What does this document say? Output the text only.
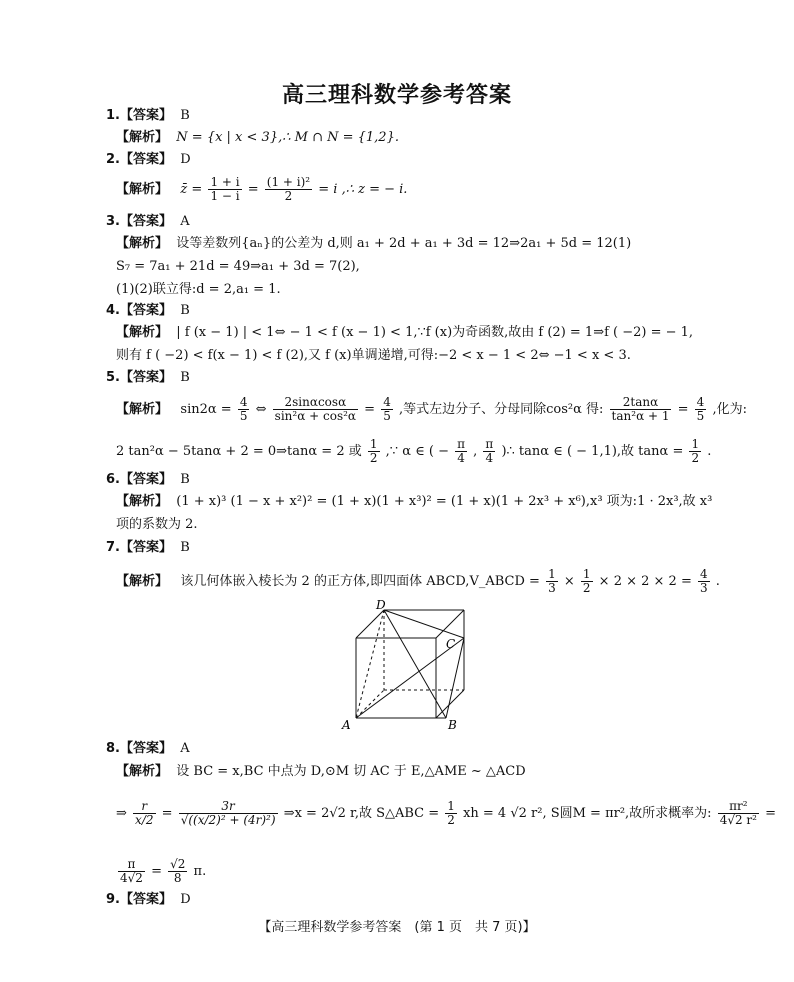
高三理科数学参考答案
1.【答案】 B
【解析】 N = {x | x < 3},∴ M ∩ N = {1,2}.
2.【答案】 D
【解析】 z̄ = $\frac{1 + i}{1 - i} = \frac{\text{(1 + i)²}}{2} = i$ ,∴ z = − i.
3.【答案】 A
【解析】 设等差数列{aₙ}的公差为 d,则 a₁ + 2d + a₁ + 3d = 12⇒2a₁ + 5d = 12(1)
S₇ = 7a₁ + 21d = 49⇒a₁ + 3d = 7(2),
(1)(2)联立得:d = 2,a₁ = 1.
4.【答案】 B
【解析】 | f (x − 1) | < 1⇔ − 1 < f (x − 1) < 1,∵f (x)为奇函数,故由 f (2) = 1⇒f ( −2) = − 1,
则有 f ( −2) < f(x − 1) < f (2),又 f (x)单调递增,可得:−2 < x − 1 < 2⇔ −1 < x < 3.
5.【答案】 B
【解析】 $\sin 2\alpha = \frac{4}{5}$ ⇔ $\frac{2\sin\alpha\cos\alpha}{\text{sin²α + cos²α}} = \frac{4}{5}$ ,等式左边分子、分母同除cos²α 得: $\frac{2\tan\alpha}{\text{tan²α + 1}} = \frac{4}{5}$ ,化为:
2 tan²α − 5tanα + 2 = 0⇒tanα = 2 或 $\frac{1}{2}$ ,∵ α ∈ ( − $\frac{\pi}{4}$ , $\frac{\pi}{4}$ )∴ tanα ∈ ( − 1,1),故 $\tan\alpha = \frac{1}{2}$ .
6.【答案】 B
【解析】 (1 + x)³ (1 − x + x²)² = (1 + x)(1 + x³)² = (1 + x)(1 + 2x³ + x⁶),x³ 项为:1 · 2x³,故 x³
项的系数为 2.
7.【答案】 B
【解析】 该几何体嵌入棱长为 2 的正方体,即四面体 ABCD,V_ABCD = $\frac{1}{3} \times \frac{1}{2} \times 2 \times 2 \times 2 = \frac{4}{3}$ .
D
C
A	B
8.【答案】 A
【解析】 设 BC = x,BC 中点为 D,⊙M 切 AC 于 E,△AME ~ △ACD
⇒ $\frac{r}{x/2} = \frac{3r}{\text{√((x/2)² + (4r)²)}}$ ⇒x = 2√2 r,故 S△ABC = $\frac{1}{2}$ xh = 4 √2 r², S圆M = πr²,故所求概率为: $\frac{\text{πr²}}{\text{4√2 r²}}$ =
$\frac{\pi}{4√2} = \frac{√2}{8} \pi$.
9.【答案】 D
【高三理科数学参考答案　(第 1 页　共 7 页)】
